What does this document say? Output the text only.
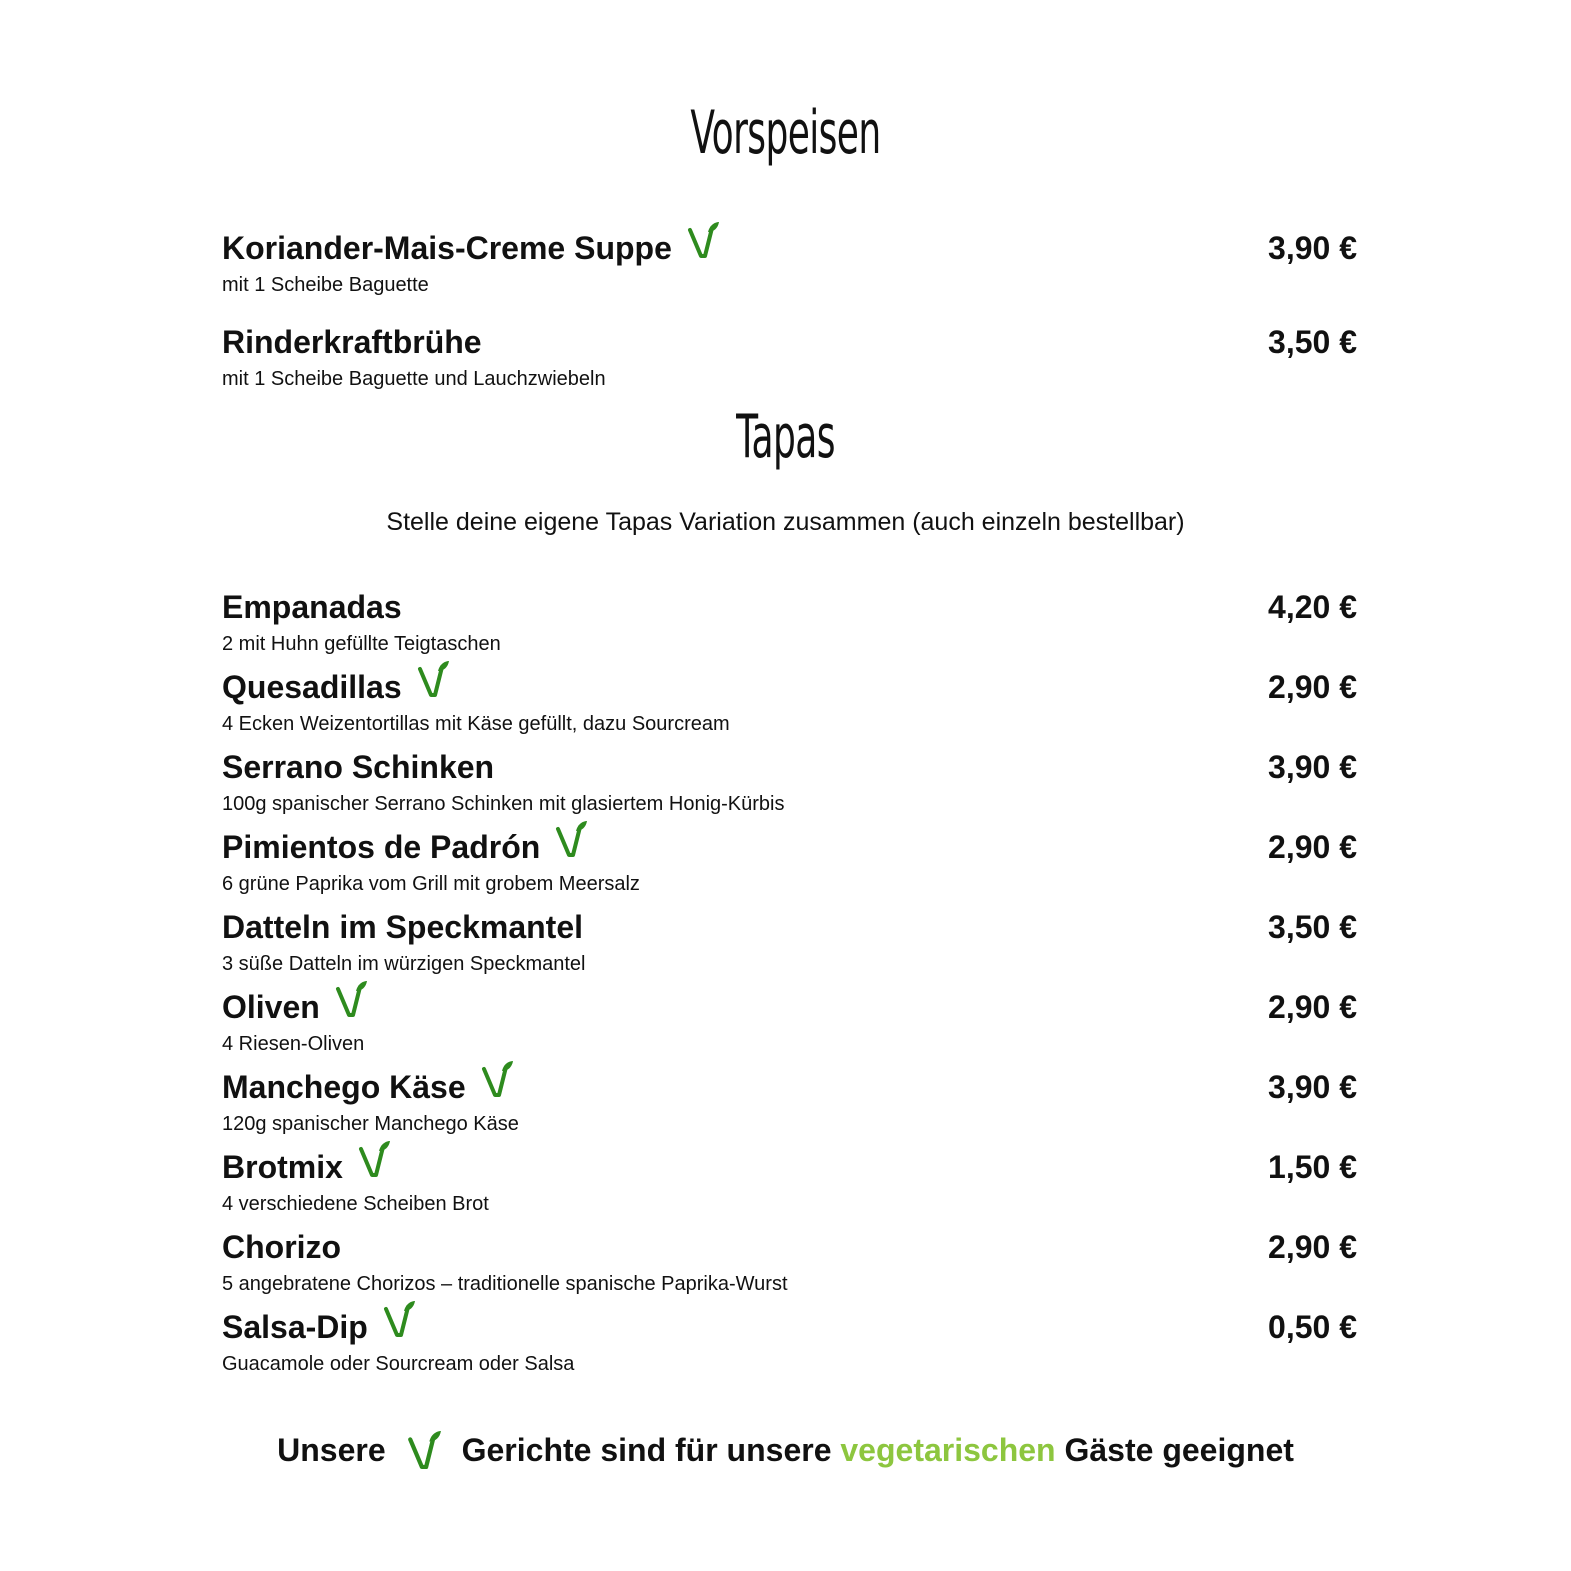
Vorspeisen
Koriander-Mais-Creme Suppe	3,90 €
mit 1 Scheibe Baguette
Rinderkraftbrühe	3,50 €
mit 1 Scheibe Baguette und Lauchzwiebeln
Tapas
Stelle deine eigene Tapas Variation zusammen (auch einzeln bestellbar)
Empanadas	4,20 €
2 mit Huhn gefüllte Teigtaschen
Quesadillas	2,90 €
4 Ecken Weizentortillas mit Käse gefüllt, dazu Sourcream
Serrano Schinken	3,90 €
100g spanischer Serrano Schinken mit glasiertem Honig-Kürbis
Pimientos de Padrón	2,90 €
6 grüne Paprika vom Grill mit grobem Meersalz
Datteln im Speckmantel	3,50 €
3 süße Datteln im würzigen Speckmantel
Oliven	2,90 €
4 Riesen-Oliven
Manchego Käse	3,90 €
120g spanischer Manchego Käse
Brotmix	1,50 €
4 verschiedene Scheiben Brot
Chorizo	2,90 €
5 angebratene Chorizos – traditionelle spanische Paprika-Wurst
Salsa-Dip	0,50 €
Guacamole oder Sourcream oder Salsa
Unsere Gerichte sind für unsere vegetarischen Gäste geeignet
